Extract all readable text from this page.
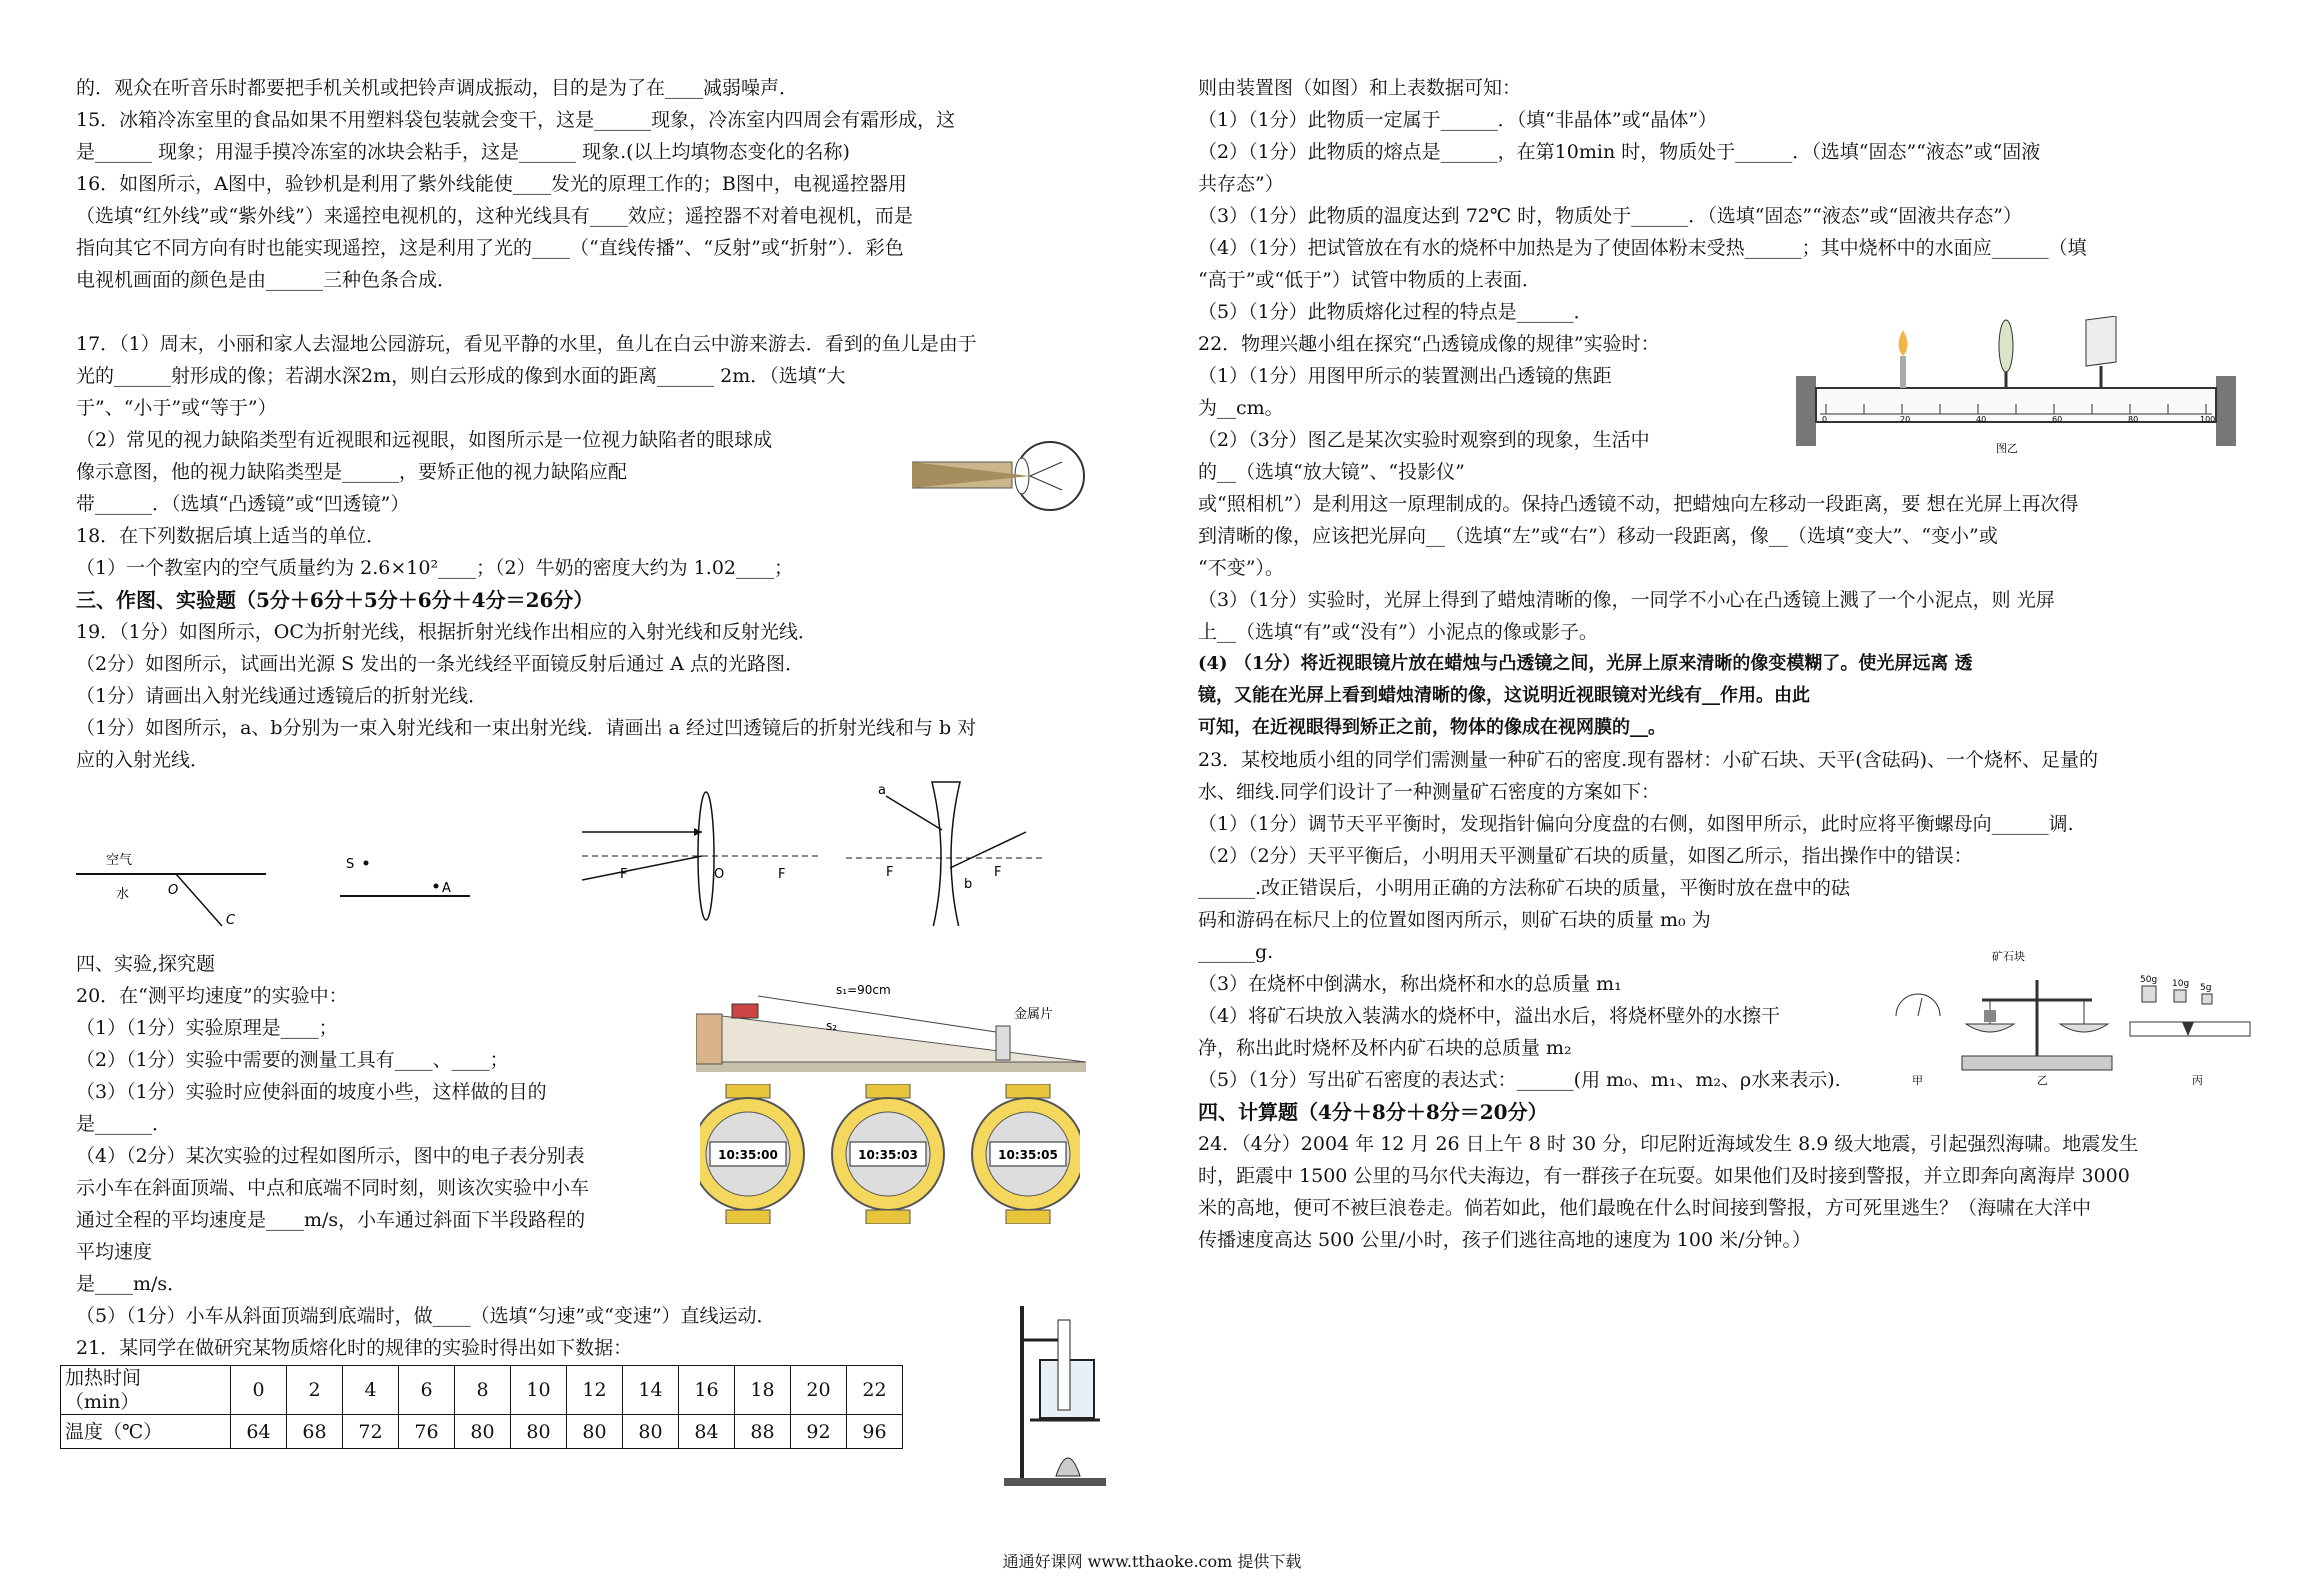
的．观众在听音乐时都要把手机关机或把铃声调成振动，目的是为了在____减弱噪声．
15．冰箱冷冻室里的食品如果不用塑料袋包装就会变干，这是______现象，冷冻室内四周会有霜形成，这
是______ 现象；用湿手摸冷冻室的冰块会粘手，这是______ 现象.(以上均填物态变化的名称)
16．如图所示，A图中，验钞机是利用了紫外线能使____发光的原理工作的；B图中，电视遥控器用
（选填“红外线”或“紫外线”）来遥控电视机的，这种光线具有____效应；遥控器不对着电视机，而是
指向其它不同方向有时也能实现遥控，这是利用了光的____（“直线传播”、“反射”或“折射”）．彩色
电视机画面的颜色是由______三种色条合成．
17．（1）周末，小丽和家人去湿地公园游玩，看见平静的水里，鱼儿在白云中游来游去．看到的鱼儿是由于
光的______射形成的像；若湖水深2m，则白云形成的像到水面的距离______ 2m．（选填“大
于”、“小于”或“等于”）
（2）常见的视力缺陷类型有近视眼和远视眼，如图所示是一位视力缺陷者的眼球成
像示意图，他的视力缺陷类型是______，要矫正他的视力缺陷应配
带______．（选填“凸透镜”或“凹透镜”）
18．在下列数据后填上适当的单位．
（1）一个教室内的空气质量约为 2.6×10²____；（2）牛奶的密度大约为 1.02____；
三、作图、实验题（5分＋6分＋5分＋6分＋4分＝26分）
19．（1分）如图所示，OC为折射光线，根据折射光线作出相应的入射光线和反射光线．
（2分）如图所示，试画出光源 S 发出的一条光线经平面镜反射后通过 A 点的光路图．
（1分）请画出入射光线通过透镜后的折射光线．
（1分）如图所示，a、b分别为一束入射光线和一束出射光线．请画出 a 经过凹透镜后的折射光线和与 b 对
应的入射光线．
空气
水	O
C
S
A
F	O	F
a
b
F	F
四、实验,探究题
20．在“测平均速度”的实验中：
（1）（1分）实验原理是____；
（2）（1分）实验中需要的测量工具有____、____；
（3）（1分）实验时应使斜面的坡度小些，这样做的目的
是______．
（4）（2分）某次实验的过程如图所示，图中的电子表分别表
示小车在斜面顶端、中点和底端不同时刻，则该次实验中小车
通过全程的平均速度是____m/s，小车通过斜面下半段路程的
平均速度
是____m/s．
（5）（1分）小车从斜面顶端到底端时，做____（选填“匀速”或“变速”）直线运动．
21．某同学在做研究某物质熔化时的规律的实验时得出如下数据：
s₁=90cm
s₂
金属片
10:35:00	10:35:03	10:35:05
加热时间
（min）	0	2	4	6	8	10	12	14	16	18	20	22
温度（℃）	64	68	72	76	80	80	80	80	84	88	92	96
则由装置图（如图）和上表数据可知：
（1）（1分）此物质一定属于______．（填“非晶体”或“晶体”）
（2）（1分）此物质的熔点是______，在第10min 时，物质处于______．（选填“固态”“液态”或“固液
共存态”）
（3）（1分）此物质的温度达到 72℃ 时，物质处于______．（选填“固态”“液态”或“固液共存态”）
（4）（1分）把试管放在有水的烧杯中加热是为了使固体粉末受热______；其中烧杯中的水面应______（填
“高于”或“低于”）试管中物质的上表面．
（5）（1分）此物质熔化过程的特点是______．
22．物理兴趣小组在探究“凸透镜成像的规律”实验时：
（1）（1分）用图甲所示的装置测出凸透镜的焦距
为__cm。
（2）（3分）图乙是某次实验时观察到的现象，生活中
的__（选填“放大镜”、“投影仪”
或“照相机”）是利用这一原理制成的。保持凸透镜不动，把蜡烛向左移动一段距离，要 想在光屏上再次得
到清晰的像，应该把光屏向__（选填“左”或“右”）移动一段距离，像__（选填“变大”、“变小”或
“不变”）。
（3）（1分）实验时，光屏上得到了蜡烛清晰的像，一同学不小心在凸透镜上溅了一个小泥点，则 光屏
上__（选填“有”或“没有”）小泥点的像或影子。
(4) （1分）将近视眼镜片放在蜡烛与凸透镜之间，光屏上原来清晰的像变模糊了。使光屏远离 透
镜，又能在光屏上看到蜡烛清晰的像，这说明近视眼镜对光线有__作用。由此
可知，在近视眼得到矫正之前，物体的像成在视网膜的__。
23．某校地质小组的同学们需测量一种矿石的密度.现有器材：小矿石块、天平(含砝码)、一个烧杯、足量的
水、细线.同学们设计了一种测量矿石密度的方案如下：
（1）（1分）调节天平平衡时，发现指针偏向分度盘的右侧，如图甲所示，此时应将平衡螺母向______调.
（2）（2分）天平平衡后，小明用天平测量矿石块的质量，如图乙所示，指出操作中的错误：
______.改正错误后，小明用正确的方法称矿石块的质量，平衡时放在盘中的砝
码和游码在标尺上的位置如图丙所示，则矿石块的质量 m₀ 为
______g.
（3）在烧杯中倒满水，称出烧杯和水的总质量 m₁
（4）将矿石块放入装满水的烧杯中，溢出水后，将烧杯壁外的水擦干
净，称出此时烧杯及杯内矿石块的总质量 m₂
（5）（1分）写出矿石密度的表达式：______(用 m₀、m₁、m₂、ρ水来表示).
四、计算题（4分＋8分＋8分＝20分）
24．（4分）2004 年 12 月 26 日上午 8 时 30 分，印尼附近海域发生 8.9 级大地震，引起强烈海啸。地震发生
时，距震中 1500 公里的马尔代夫海边，有一群孩子在玩耍。如果他们及时接到警报，并立即奔向离海岸 3000
米的高地，便可不被巨浪卷走。倘若如此，他们最晚在什么时间接到警报，方可死里逃生？（海啸在大洋中
传播速度高达 500 公里/小时，孩子们逃往高地的速度为 100 米/分钟。）
0	20	40	60	80	100
图乙
甲
矿石块
乙
50g 10g 5g
丙
通通好课网 www.tthaoke.com 提供下载
